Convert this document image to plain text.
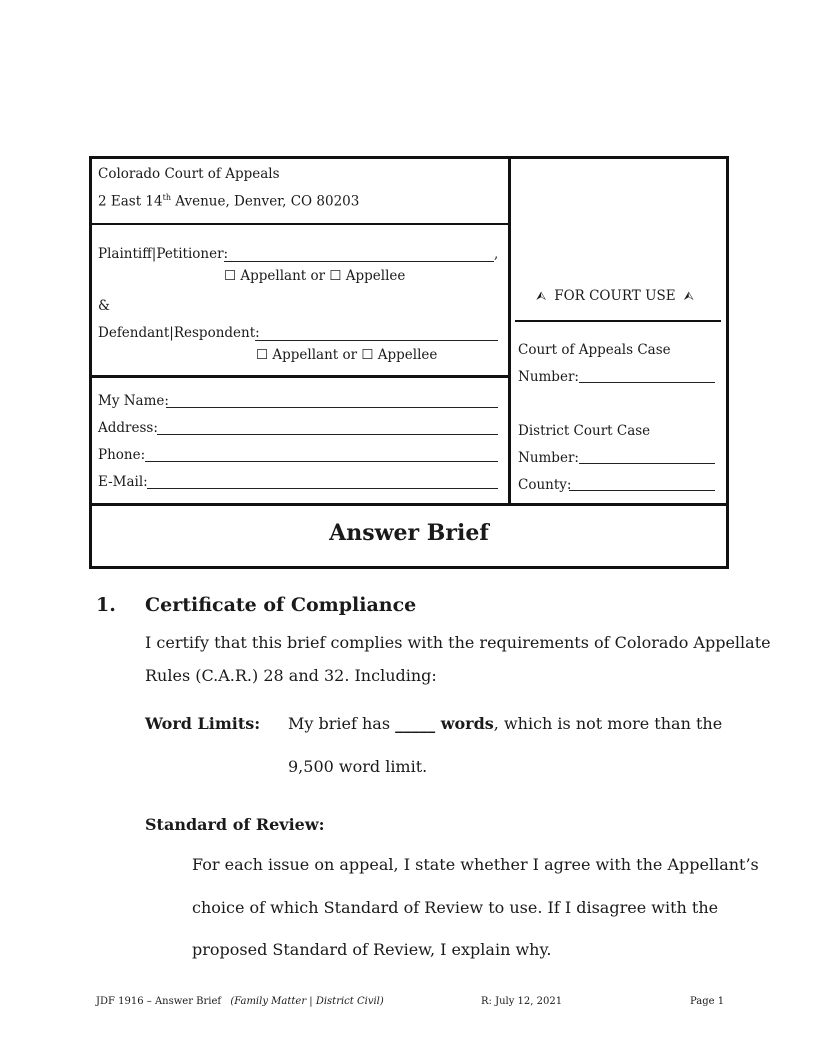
Colorado Court of Appeals
2 East 14th Avenue, Denver, CO 80203
Plaintiff|Petitioner:	,
☐ Appellant or ☐ Appellee
&
Defendant|Respondent:
☐ Appellant or ☐ Appellee
My Name:
Address:
Phone:
E-Mail:
⮙ FOR COURT USE ⮙
Court of Appeals Case
Number:
District Court Case
Number:
County:
Answer Brief
1. Certificate of Compliance
I certify that this brief complies with the requirements of Colorado Appellate
Rules (C.A.R.) 28 and 32. Including:
Word Limits: My brief has _____ words, which is not more than the
9,500 word limit.
Standard of Review:
For each issue on appeal, I state whether I agree with the Appellant’s
choice of which Standard of Review to use. If I disagree with the
proposed Standard of Review, I explain why.
JDF 1916 – Answer Brief (Family Matter | District Civil)	R: July 12, 2021	Page 1
